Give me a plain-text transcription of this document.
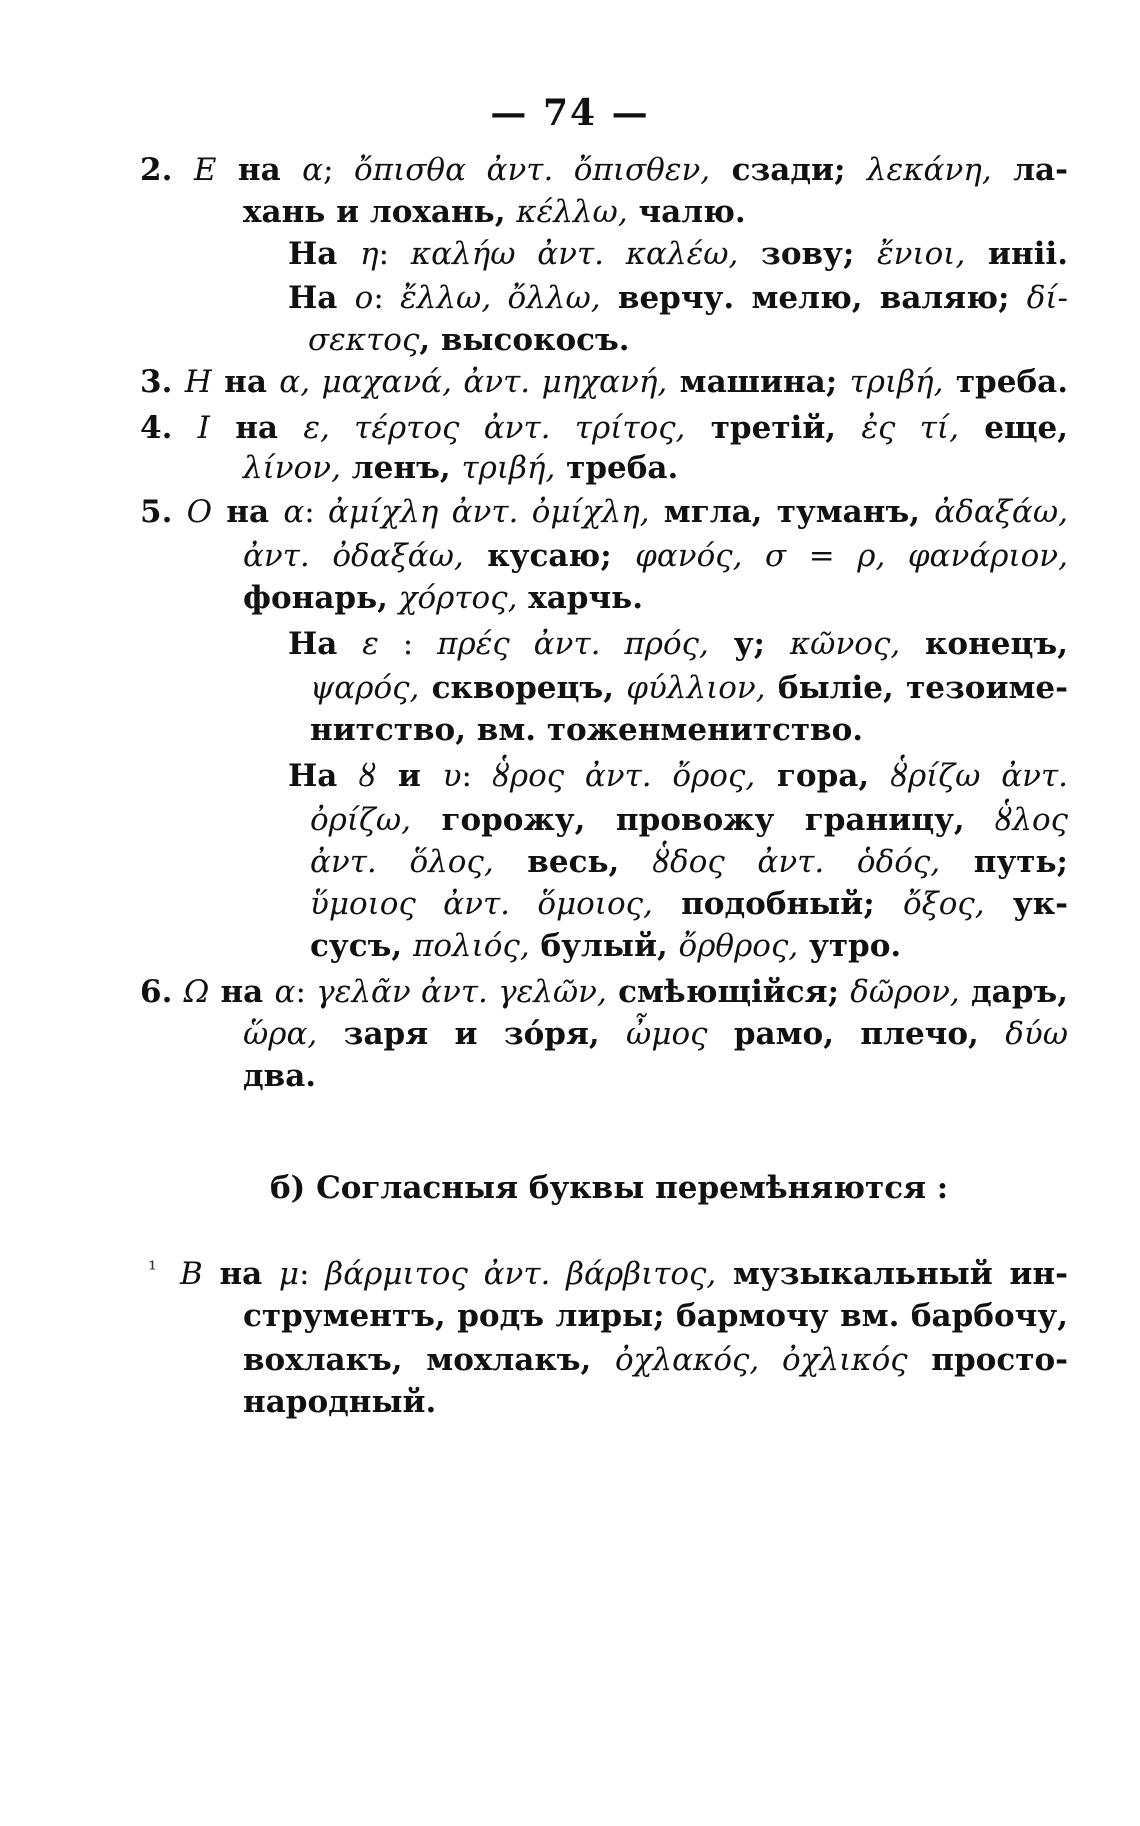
— 74 —
2. Ε на α; ὄπισθα ἀντ. ὄπισθεν, сзади; λεκάνη, ла-
хань и лохань, κέλλω, чалю.
На η: καλήω ἀντ. καλέω, зову; ἔνιοι, иніі.
На ο: ἔλλω, ὄλλω, верчу. мелю, валяю; δί-
σεκτος, высокосъ.
3. Η на α, μαχανά, ἀντ. μηχανή, машина; τριβή, треба.
4. Ι на ε, τέρτος ἀντ. τρίτος, третій, ἐς τί, еще,
λίνον, ленъ, τριβή, треба.
5. Ο на α: ἀμίχλη ἀντ. ὀμίχλη, мгла, туманъ, ἀδαξάω,
ἀντ. ὀδαξάω, кусаю; φανός, σ = ρ, φανάριον,
фонарь, χόρτος, харчь.
На ε : πρές ἀντ. πρός, у; κῶνος, конецъ,
ψαρός, скворецъ, φύλλιον, быліе, тезоиме-
нитство, вм. тоженменитство.
На ȣ и υ: ȣ̔ρος ἀντ. ὄρος, гора, ȣ̔ρίζω ἀντ.
ὀρίζω, горожу, провожу границу, ȣ̔λος
ἀντ. ὅλος, весь, ȣ̔δος ἀντ. ὁδός, путь;
ὕμοιος ἀντ. ὅμοιος, подобный; ὄξος, ук-
сусъ, πολιός, булый, ὄρθρος, утро.
6. Ω на α: γελᾶν ἀντ. γελῶν, смѣющійся; δῶρον, даръ,
ὥρα, заря и зóря, ὦμος рамо, плечо, δύω
два.
б) Согласныя буквы перемѣняются :
¹ В на μ: βάρμιτος ἀντ. βάρβιτος, музыкальный ин-
струментъ, родъ лиры; бармочу вм. барбочу,
вохлакъ, мохлакъ, ὀχλακός, ὀχλικός просто-
народный.
